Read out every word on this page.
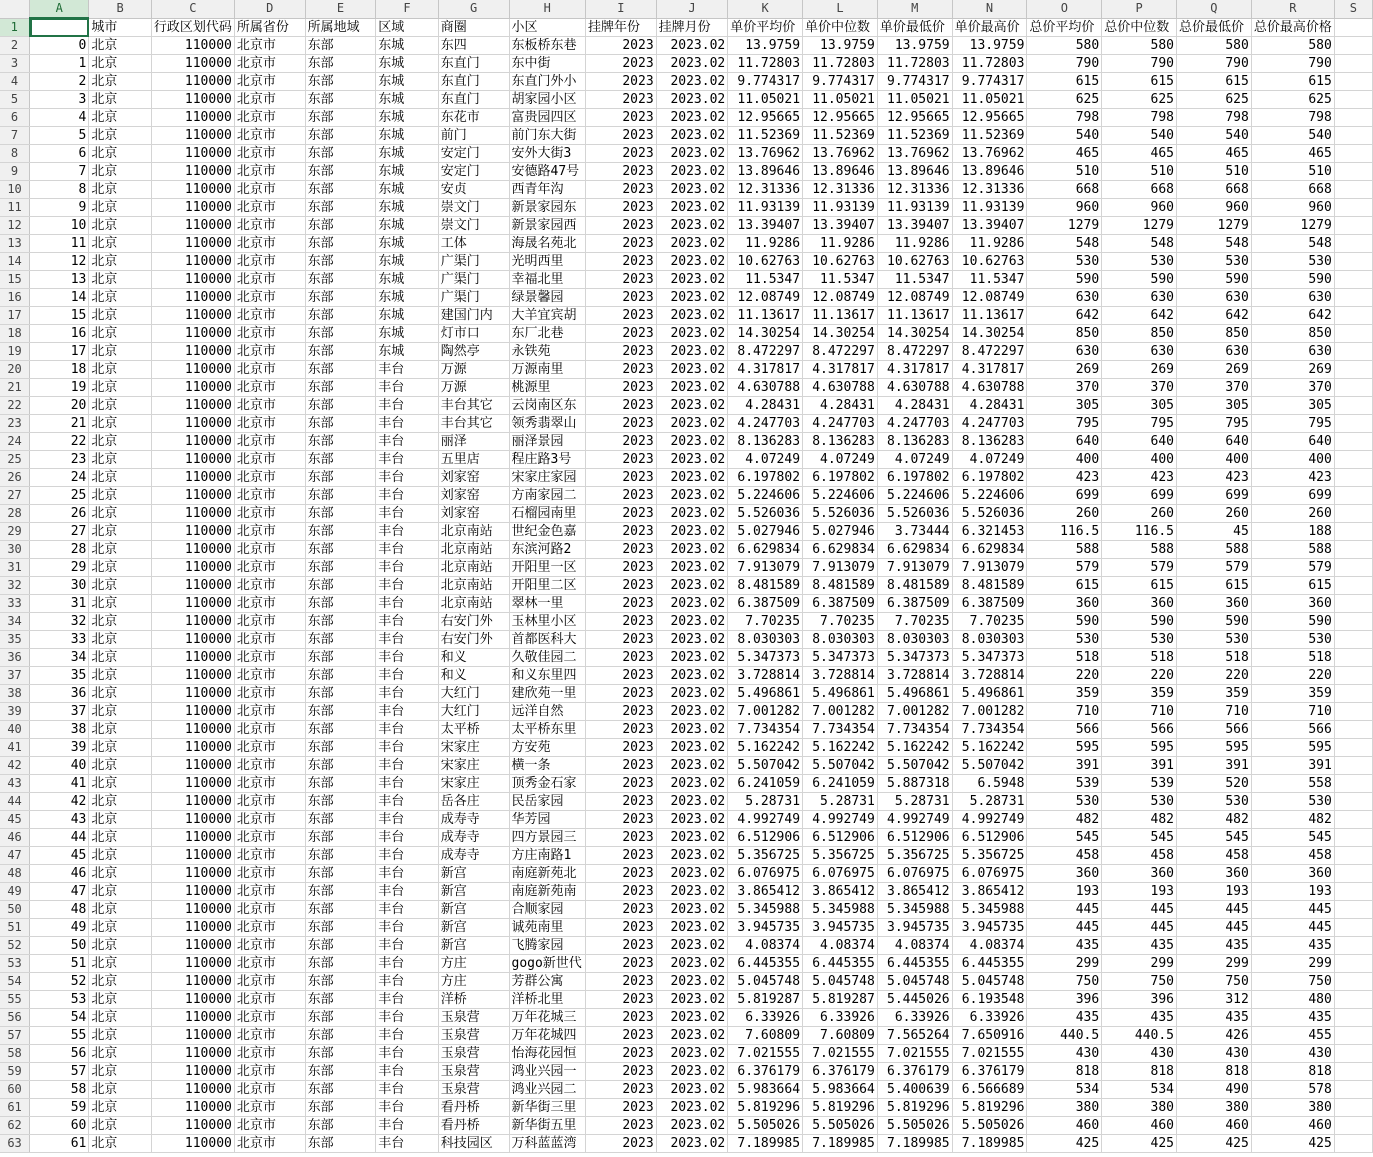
	A	B	C	D	E	F	G	H	I	J	K	L	M	N	O	P	Q	R	S
1		城市	行政区划代码	所属省份	所属地域	区域	商圈	小区	挂牌年份	挂牌月份	单价平均价	单价中位数	单价最低价	单价最高价	总价平均价	总价中位数	总价最低价	总价最高价格	
2	0	北京	110000	北京市	东部	东城	东四	东板桥东巷	2023	2023.02	13.9759	13.9759	13.9759	13.9759	580	580	580	580	
3	1	北京	110000	北京市	东部	东城	东直门	东中街	2023	2023.02	11.72803	11.72803	11.72803	11.72803	790	790	790	790	
4	2	北京	110000	北京市	东部	东城	东直门	东直门外小	2023	2023.02	9.774317	9.774317	9.774317	9.774317	615	615	615	615	
5	3	北京	110000	北京市	东部	东城	东直门	胡家园小区	2023	2023.02	11.05021	11.05021	11.05021	11.05021	625	625	625	625	
6	4	北京	110000	北京市	东部	东城	东花市	富贵园四区	2023	2023.02	12.95665	12.95665	12.95665	12.95665	798	798	798	798	
7	5	北京	110000	北京市	东部	东城	前门	前门东大街	2023	2023.02	11.52369	11.52369	11.52369	11.52369	540	540	540	540	
8	6	北京	110000	北京市	东部	东城	安定门	安外大街3	2023	2023.02	13.76962	13.76962	13.76962	13.76962	465	465	465	465	
9	7	北京	110000	北京市	东部	东城	安定门	安德路47号	2023	2023.02	13.89646	13.89646	13.89646	13.89646	510	510	510	510	
10	8	北京	110000	北京市	东部	东城	安贞	西青年沟	2023	2023.02	12.31336	12.31336	12.31336	12.31336	668	668	668	668	
11	9	北京	110000	北京市	东部	东城	崇文门	新景家园东	2023	2023.02	11.93139	11.93139	11.93139	11.93139	960	960	960	960	
12	10	北京	110000	北京市	东部	东城	崇文门	新景家园西	2023	2023.02	13.39407	13.39407	13.39407	13.39407	1279	1279	1279	1279	
13	11	北京	110000	北京市	东部	东城	工体	海晟名苑北	2023	2023.02	11.9286	11.9286	11.9286	11.9286	548	548	548	548	
14	12	北京	110000	北京市	东部	东城	广渠门	光明西里	2023	2023.02	10.62763	10.62763	10.62763	10.62763	530	530	530	530	
15	13	北京	110000	北京市	东部	东城	广渠门	幸福北里	2023	2023.02	11.5347	11.5347	11.5347	11.5347	590	590	590	590	
16	14	北京	110000	北京市	东部	东城	广渠门	绿景馨园	2023	2023.02	12.08749	12.08749	12.08749	12.08749	630	630	630	630	
17	15	北京	110000	北京市	东部	东城	建国门内	大羊宜宾胡	2023	2023.02	11.13617	11.13617	11.13617	11.13617	642	642	642	642	
18	16	北京	110000	北京市	东部	东城	灯市口	东厂北巷	2023	2023.02	14.30254	14.30254	14.30254	14.30254	850	850	850	850	
19	17	北京	110000	北京市	东部	东城	陶然亭	永铁苑	2023	2023.02	8.472297	8.472297	8.472297	8.472297	630	630	630	630	
20	18	北京	110000	北京市	东部	丰台	万源	万源南里	2023	2023.02	4.317817	4.317817	4.317817	4.317817	269	269	269	269	
21	19	北京	110000	北京市	东部	丰台	万源	桃源里	2023	2023.02	4.630788	4.630788	4.630788	4.630788	370	370	370	370	
22	20	北京	110000	北京市	东部	丰台	丰台其它	云岗南区东	2023	2023.02	4.28431	4.28431	4.28431	4.28431	305	305	305	305	
23	21	北京	110000	北京市	东部	丰台	丰台其它	领秀翡翠山	2023	2023.02	4.247703	4.247703	4.247703	4.247703	795	795	795	795	
24	22	北京	110000	北京市	东部	丰台	丽泽	丽泽景园	2023	2023.02	8.136283	8.136283	8.136283	8.136283	640	640	640	640	
25	23	北京	110000	北京市	东部	丰台	五里店	程庄路3号	2023	2023.02	4.07249	4.07249	4.07249	4.07249	400	400	400	400	
26	24	北京	110000	北京市	东部	丰台	刘家窑	宋家庄家园	2023	2023.02	6.197802	6.197802	6.197802	6.197802	423	423	423	423	
27	25	北京	110000	北京市	东部	丰台	刘家窑	方南家园二	2023	2023.02	5.224606	5.224606	5.224606	5.224606	699	699	699	699	
28	26	北京	110000	北京市	东部	丰台	刘家窑	石榴园南里	2023	2023.02	5.526036	5.526036	5.526036	5.526036	260	260	260	260	
29	27	北京	110000	北京市	东部	丰台	北京南站	世纪金色嘉	2023	2023.02	5.027946	5.027946	3.73444	6.321453	116.5	116.5	45	188	
30	28	北京	110000	北京市	东部	丰台	北京南站	东滨河路2	2023	2023.02	6.629834	6.629834	6.629834	6.629834	588	588	588	588	
31	29	北京	110000	北京市	东部	丰台	北京南站	开阳里一区	2023	2023.02	7.913079	7.913079	7.913079	7.913079	579	579	579	579	
32	30	北京	110000	北京市	东部	丰台	北京南站	开阳里二区	2023	2023.02	8.481589	8.481589	8.481589	8.481589	615	615	615	615	
33	31	北京	110000	北京市	东部	丰台	北京南站	翠林一里	2023	2023.02	6.387509	6.387509	6.387509	6.387509	360	360	360	360	
34	32	北京	110000	北京市	东部	丰台	右安门外	玉林里小区	2023	2023.02	7.70235	7.70235	7.70235	7.70235	590	590	590	590	
35	33	北京	110000	北京市	东部	丰台	右安门外	首都医科大	2023	2023.02	8.030303	8.030303	8.030303	8.030303	530	530	530	530	
36	34	北京	110000	北京市	东部	丰台	和义	久敬佳园二	2023	2023.02	5.347373	5.347373	5.347373	5.347373	518	518	518	518	
37	35	北京	110000	北京市	东部	丰台	和义	和义东里四	2023	2023.02	3.728814	3.728814	3.728814	3.728814	220	220	220	220	
38	36	北京	110000	北京市	东部	丰台	大红门	建欣苑一里	2023	2023.02	5.496861	5.496861	5.496861	5.496861	359	359	359	359	
39	37	北京	110000	北京市	东部	丰台	大红门	远洋自然	2023	2023.02	7.001282	7.001282	7.001282	7.001282	710	710	710	710	
40	38	北京	110000	北京市	东部	丰台	太平桥	太平桥东里	2023	2023.02	7.734354	7.734354	7.734354	7.734354	566	566	566	566	
41	39	北京	110000	北京市	东部	丰台	宋家庄	方安苑	2023	2023.02	5.162242	5.162242	5.162242	5.162242	595	595	595	595	
42	40	北京	110000	北京市	东部	丰台	宋家庄	横一条	2023	2023.02	5.507042	5.507042	5.507042	5.507042	391	391	391	391	
43	41	北京	110000	北京市	东部	丰台	宋家庄	顶秀金石家	2023	2023.02	6.241059	6.241059	5.887318	6.5948	539	539	520	558	
44	42	北京	110000	北京市	东部	丰台	岳各庄	民岳家园	2023	2023.02	5.28731	5.28731	5.28731	5.28731	530	530	530	530	
45	43	北京	110000	北京市	东部	丰台	成寿寺	华芳园	2023	2023.02	4.992749	4.992749	4.992749	4.992749	482	482	482	482	
46	44	北京	110000	北京市	东部	丰台	成寿寺	四方景园三	2023	2023.02	6.512906	6.512906	6.512906	6.512906	545	545	545	545	
47	45	北京	110000	北京市	东部	丰台	成寿寺	方庄南路1	2023	2023.02	5.356725	5.356725	5.356725	5.356725	458	458	458	458	
48	46	北京	110000	北京市	东部	丰台	新宫	南庭新苑北	2023	2023.02	6.076975	6.076975	6.076975	6.076975	360	360	360	360	
49	47	北京	110000	北京市	东部	丰台	新宫	南庭新苑南	2023	2023.02	3.865412	3.865412	3.865412	3.865412	193	193	193	193	
50	48	北京	110000	北京市	东部	丰台	新宫	合顺家园	2023	2023.02	5.345988	5.345988	5.345988	5.345988	445	445	445	445	
51	49	北京	110000	北京市	东部	丰台	新宫	诚苑南里	2023	2023.02	3.945735	3.945735	3.945735	3.945735	445	445	445	445	
52	50	北京	110000	北京市	东部	丰台	新宫	飞腾家园	2023	2023.02	4.08374	4.08374	4.08374	4.08374	435	435	435	435	
53	51	北京	110000	北京市	东部	丰台	方庄	gogo新世代	2023	2023.02	6.445355	6.445355	6.445355	6.445355	299	299	299	299	
54	52	北京	110000	北京市	东部	丰台	方庄	芳群公寓	2023	2023.02	5.045748	5.045748	5.045748	5.045748	750	750	750	750	
55	53	北京	110000	北京市	东部	丰台	洋桥	洋桥北里	2023	2023.02	5.819287	5.819287	5.445026	6.193548	396	396	312	480	
56	54	北京	110000	北京市	东部	丰台	玉泉营	万年花城三	2023	2023.02	6.33926	6.33926	6.33926	6.33926	435	435	435	435	
57	55	北京	110000	北京市	东部	丰台	玉泉营	万年花城四	2023	2023.02	7.60809	7.60809	7.565264	7.650916	440.5	440.5	426	455	
58	56	北京	110000	北京市	东部	丰台	玉泉营	怡海花园恒	2023	2023.02	7.021555	7.021555	7.021555	7.021555	430	430	430	430	
59	57	北京	110000	北京市	东部	丰台	玉泉营	鸿业兴园一	2023	2023.02	6.376179	6.376179	6.376179	6.376179	818	818	818	818	
60	58	北京	110000	北京市	东部	丰台	玉泉营	鸿业兴园二	2023	2023.02	5.983664	5.983664	5.400639	6.566689	534	534	490	578	
61	59	北京	110000	北京市	东部	丰台	看丹桥	新华街三里	2023	2023.02	5.819296	5.819296	5.819296	5.819296	380	380	380	380	
62	60	北京	110000	北京市	东部	丰台	看丹桥	新华街五里	2023	2023.02	5.505026	5.505026	5.505026	5.505026	460	460	460	460	
63	61	北京	110000	北京市	东部	丰台	科技园区	万科蓝蓝湾	2023	2023.02	7.189985	7.189985	7.189985	7.189985	425	425	425	425	
